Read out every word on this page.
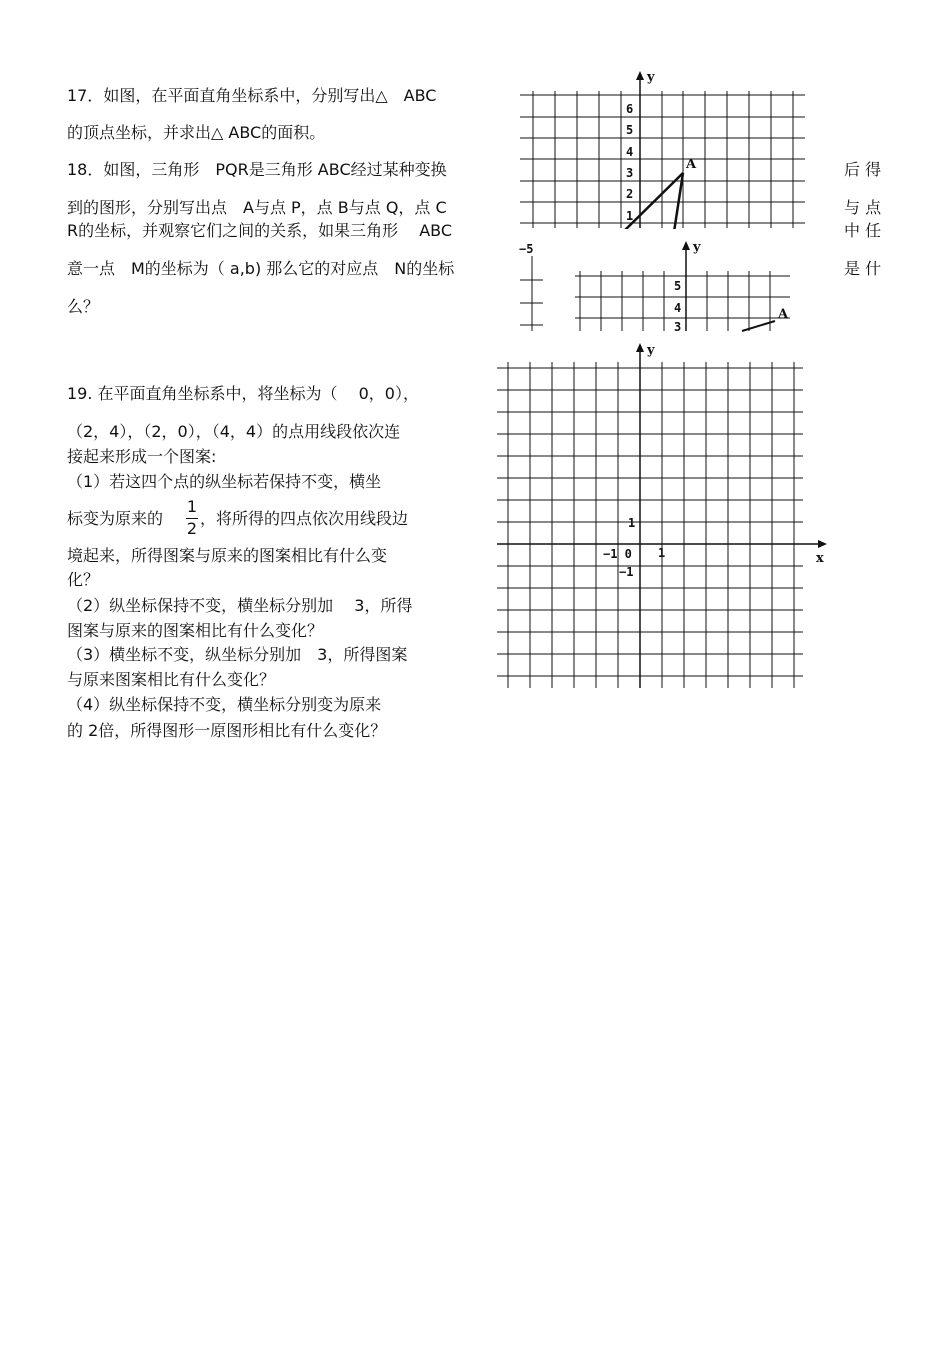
17．如图，在平面直角坐标系中，分别写出△　ABC
的顶点坐标，并求出△ ABC的面积。
18．如图，三角形　PQR是三角形 ABC经过某种变换	后 得
到的图形，分别写出点　A与点 P，点 B与点 Q，点 C	与 点
R的坐标，并观察它们之间的关系，如果三角形　 ABC	中 任
意一点　M的坐标为（ a,b) 那么它的对应点　N的坐标	是 什
么？
19. 在平面直角坐标系中，将坐标为（　 0，0），
（2，4），（2，0），（4，4）的点用线段依次连
接起来形成一个图案:
（1）若这四个点的纵坐标若保持不变，横坐
标变为原来的
1
2
，将所得的四点依次用线段边
境起来，所得图案与原来的图案相比有什么变
化？
（2）纵坐标保持不变，横坐标分别加　 3，所得
图案与原来的图案相比有什么变化？
（3）横坐标不变，纵坐标分别加　3，所得图案
与原来图案相比有什么变化？
（4）纵坐标保持不变，横坐标分别变为原来
的 2倍，所得图形一原图形相比有什么变化？
y
6
5
4
3
2
1
A
−5	y
5
4
3
A
y
x
1
−1 0 1
−1
